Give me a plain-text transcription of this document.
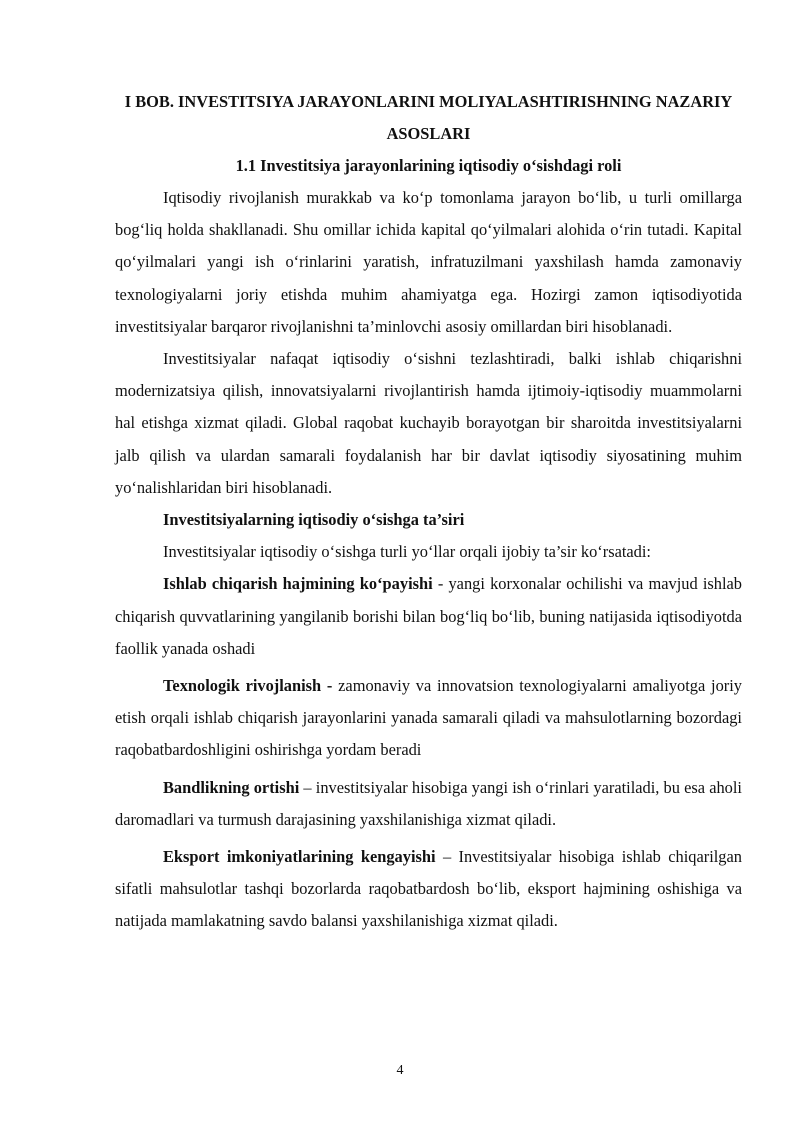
I BOB. INVESTITSIYA JARAYONLARINI MOLIYALASHTIRISHNING NAZARIY ASOSLARI
1.1 Investitsiya jarayonlarining iqtisodiy o‘sishdagi roli

Iqtisodiy rivojlanish murakkab va ko‘p tomonlama jarayon bo‘lib, u turli omillarga bog‘liq holda shakllanadi. Shu omillar ichida kapital qo‘yilmalari alohida o‘rin tutadi. Kapital qo‘yilmalari yangi ish o‘rinlarini yaratish, infratuzilmani yaxshilash hamda zamonaviy texnologiyalarni joriy etishda muhim ahamiyatga ega. Hozirgi zamon iqtisodiyotida investitsiyalar barqaror rivojlanishni ta’minlovchi asosiy omillardan biri hisoblanadi.

Investitsiyalar nafaqat iqtisodiy o‘sishni tezlashtiradi, balki ishlab chiqarishni modernizatsiya qilish, innovatsiyalarni rivojlantirish hamda ijtimoiy-iqtisodiy muammolarni hal etishga xizmat qiladi. Global raqobat kuchayib borayotgan bir sharoitda investitsiyalarni jalb qilish va ulardan samarali foydalanish har bir davlat iqtisodiy siyosatining muhim yo‘nalishlaridan biri hisoblanadi.

Investitsiyalarning iqtisodiy o‘sishga ta’siri

Investitsiyalar iqtisodiy o‘sishga turli yo‘llar orqali ijobiy ta’sir ko‘rsatadi:

Ishlab chiqarish hajmining ko‘payishi - yangi korxonalar ochilishi va mavjud ishlab chiqarish quvvatlarining yangilanib borishi bilan bog‘liq bo‘lib, buning natijasida iqtisodiyotda faollik yanada oshadi

Texnologik rivojlanish - zamonaviy va innovatsion texnologiyalarni amaliyotga joriy etish orqali ishlab chiqarish jarayonlarini yanada samarali qiladi va mahsulotlarning bozordagi raqobatbardoshligini oshirishga yordam beradi

Bandlikning ortishi – investitsiyalar hisobiga yangi ish o‘rinlari yaratiladi, bu esa aholi daromadlari va turmush darajasining yaxshilanishiga xizmat qiladi.

Eksport imkoniyatlarining kengayishi – Investitsiyalar hisobiga ishlab chiqarilgan sifatli mahsulotlar tashqi bozorlarda raqobatbardosh bo‘lib, eksport hajmining oshishiga va natijada mamlakatning savdo balansi yaxshilanishiga xizmat qiladi.

4
